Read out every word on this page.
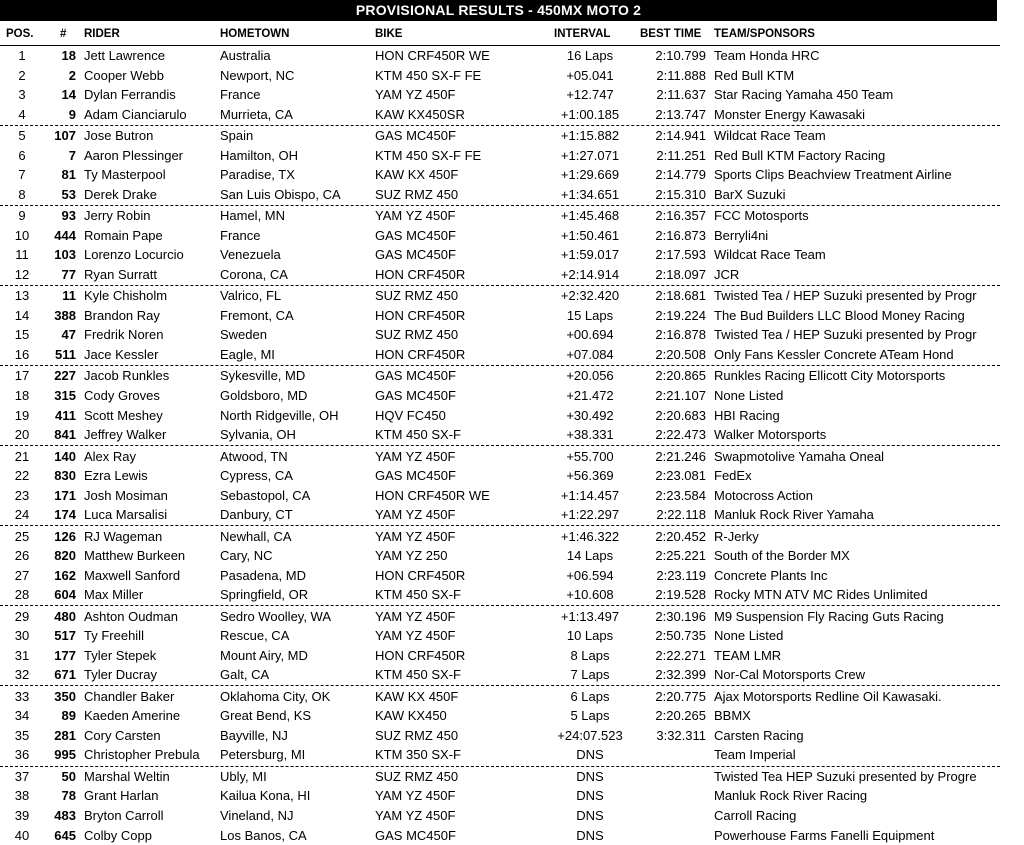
PROVISIONAL RESULTS - 450MX MOTO 2
POS. # RIDER	HOMETOWN	BIKE	INTERVAL	BEST TIME TEAM/SPONSORS
1	18 Jett Lawrence	Australia	HON CRF450R WE	16 Laps	2:10.799 Team Honda HRC
2	2 Cooper Webb	Newport, NC	KTM 450 SX-F FE	+05.041	2:11.888 Red Bull KTM
3	14 Dylan Ferrandis	France	YAM YZ 450F	+12.747	2:11.637 Star Racing Yamaha 450 Team
4	9 Adam Cianciarulo	Murrieta, CA	KAW KX450SR	+1:00.185	2:13.747 Monster Energy Kawasaki
5	107 Jose Butron	Spain	GAS MC450F	+1:15.882	2:14.941 Wildcat Race Team
6	7 Aaron Plessinger	Hamilton, OH	KTM 450 SX-F FE	+1:27.071	2:11.251 Red Bull KTM Factory Racing
7	81 Ty Masterpool	Paradise, TX	KAW KX 450F	+1:29.669	2:14.779 Sports Clips Beachview Treatment Airline
8	53 Derek Drake	San Luis Obispo, CA	SUZ RMZ 450	+1:34.651	2:15.310 BarX Suzuki
9	93 Jerry Robin	Hamel, MN	YAM YZ 450F	+1:45.468	2:16.357 FCC Motosports
10	444 Romain Pape	France	GAS MC450F	+1:50.461	2:16.873 Berryli4ni
11	103 Lorenzo Locurcio	Venezuela	GAS MC450F	+1:59.017	2:17.593 Wildcat Race Team
12	77 Ryan Surratt	Corona, CA	HON CRF450R	+2:14.914	2:18.097 JCR
13	11 Kyle Chisholm	Valrico, FL	SUZ RMZ 450	+2:32.420	2:18.681 Twisted Tea / HEP Suzuki presented by Progr
14	388 Brandon Ray	Fremont, CA	HON CRF450R	15 Laps	2:19.224 The Bud Builders LLC Blood Money Racing
15	47 Fredrik Noren	Sweden	SUZ RMZ 450	+00.694	2:16.878 Twisted Tea / HEP Suzuki presented by Progr
16	511 Jace Kessler	Eagle, MI	HON CRF450R	+07.084	2:20.508 Only Fans Kessler Concrete ATeam Hond
17	227 Jacob Runkles	Sykesville, MD	GAS MC450F	+20.056	2:20.865 Runkles Racing Ellicott City Motorsports
18	315 Cody Groves	Goldsboro, MD	GAS MC450F	+21.472	2:21.107 None Listed
19	411 Scott Meshey	North Ridgeville, OH	HQV FC450	+30.492	2:20.683 HBI Racing
20	841 Jeffrey Walker	Sylvania, OH	KTM 450 SX-F	+38.331	2:22.473 Walker Motorsports
21	140 Alex Ray	Atwood, TN	YAM YZ 450F	+55.700	2:21.246 Swapmotolive Yamaha Oneal
22	830 Ezra Lewis	Cypress, CA	GAS MC450F	+56.369	2:23.081 FedEx
23	171 Josh Mosiman	Sebastopol, CA	HON CRF450R WE	+1:14.457	2:23.584 Motocross Action
24	174 Luca Marsalisi	Danbury, CT	YAM YZ 450F	+1:22.297	2:22.118 Manluk Rock River Yamaha
25	126 RJ Wageman	Newhall, CA	YAM YZ 450F	+1:46.322	2:20.452 R-Jerky
26	820 Matthew Burkeen	Cary, NC	YAM YZ 250	14 Laps	2:25.221 South of the Border MX
27	162 Maxwell Sanford	Pasadena, MD	HON CRF450R	+06.594	2:23.119 Concrete Plants Inc
28	604 Max Miller	Springfield, OR	KTM 450 SX-F	+10.608	2:19.528 Rocky MTN ATV MC Rides Unlimited
29	480 Ashton Oudman	Sedro Woolley, WA	YAM YZ 450F	+1:13.497	2:30.196 M9 Suspension Fly Racing Guts Racing
30	517 Ty Freehill	Rescue, CA	YAM YZ 450F	10 Laps	2:50.735 None Listed
31	177 Tyler Stepek	Mount Airy, MD	HON CRF450R	8 Laps	2:22.271 TEAM LMR
32	671 Tyler Ducray	Galt, CA	KTM 450 SX-F	7 Laps	2:32.399 Nor-Cal Motorsports Crew
33	350 Chandler Baker	Oklahoma City, OK	KAW KX 450F	6 Laps	2:20.775 Ajax Motorsports Redline Oil Kawasaki.
34	89 Kaeden Amerine	Great Bend, KS	KAW KX450	5 Laps	2:20.265 BBMX
35	281 Cory Carsten	Bayville, NJ	SUZ RMZ 450	+24:07.523	3:32.311 Carsten Racing
36	995 Christopher Prebula	Petersburg, MI	KTM 350 SX-F	DNS	Team Imperial
37	50 Marshal Weltin	Ubly, MI	SUZ RMZ 450	DNS	Twisted Tea HEP Suzuki presented by Progre
38	78 Grant Harlan	Kailua Kona, HI	YAM YZ 450F	DNS	Manluk Rock River Racing
39	483 Bryton Carroll	Vineland, NJ	YAM YZ 450F	DNS	Carroll Racing
40	645 Colby Copp	Los Banos, CA	GAS MC450F	DNS	Powerhouse Farms Fanelli Equipment
